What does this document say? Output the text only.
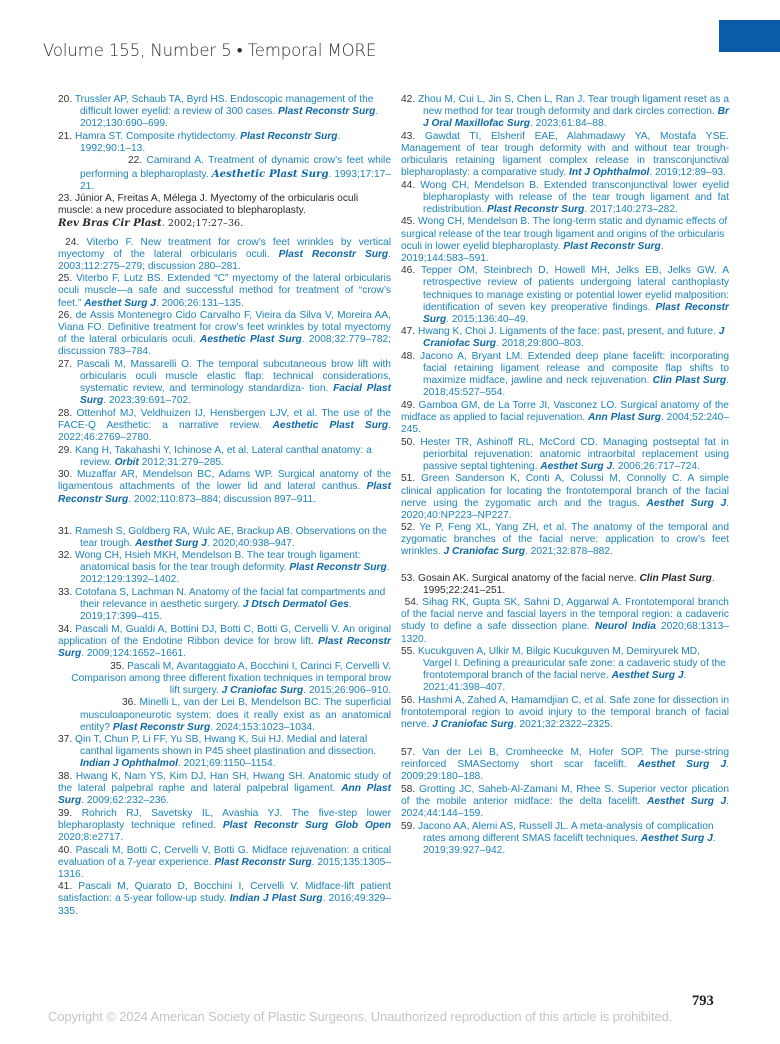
Volume 155, Number 5 • Temporal MORE

20. Trussler AP, Schaub TA, Byrd HS. Endoscopic management of the difficult lower eyelid: a review of 300 cases. Plast Reconstr Surg. 2012;130:690–699.

21. Hamra ST. Composite rhytidectomy. Plast Reconstr Surg. 1992;90:1–13.

22. Camirand A. Treatment of dynamic crow’s feet while performing a blepharoplasty. Aesthetic Plast Surg. 1993;17:17–21.

23. Júnior A, Freitas A, Mélega J. Myectomy of the orbicularis oculi muscle: a new procedure associated to blepharoplasty.
Rev Bras Cir Plast. 2002;17:27–36.

24. Viterbo F. New treatment for crow’s feet wrinkles by vertical myectomy of the lateral orbicularis oculi. Plast Reconstr Surg. 2003;112:275–279; discussion 280–281.

25. Viterbo F, Lutz BS. Extended “C” myectomy of the lateral orbicularis oculi muscle—a safe and successful method for treatment of “crow’s feet.” Aesthet Surg J. 2006;26:131–135.

26. de Assis Montenegro Cido Carvalho F, Vieira da Silva V, Moreira AA, Viana FO. Definitive treatment for crow’s feet wrinkles by total myectomy of the lateral orbicularis oculi. Aesthetic Plast Surg. 2008;32:779–782; discussion 783–784.

27. Pascali M, Massarelli O. The temporal subcutaneous brow lift with orbicularis oculi muscle elastic flap: technical considerations, systematic review, and terminology standardiza- tion. Facial Plast Surg. 2023;39:691–702.

28. Ottenhof MJ, Veldhuizen IJ, Hensbergen LJV, et al. The use of the FACE-Q Aesthetic: a narrative review. Aesthetic Plast Surg. 2022;46:2769–2780.

29. Kang H, Takahashi Y, Ichinose A, et al. Lateral canthal anatomy: a review. Orbit 2012;31:279–285.

30. Muzaffar AR, Mendelson BC, Adams WP. Surgical anatomy of the ligamentous attachments of the lower lid and lateral canthus. Plast Reconstr Surg. 2002;110:873–884; discussion 897–911.

31. Ramesh S, Goldberg RA, Wulc AE, Brackup AB. Observations on the tear trough. Aesthet Surg J. 2020;40:938–947.

32. Wong CH, Hsieh MKH, Mendelson B. The tear trough ligament: anatomical basis for the tear trough deformity. Plast Reconstr Surg. 2012;129:1392–1402.

33. Cotofana S, Lachman N. Anatomy of the facial fat compartments and their relevance in aesthetic surgery. J Dtsch Dermatol Ges. 2019;17:399–415.

34. Pascali M, Gualdi A, Bottini DJ, Botti C, Botti G, Cervelli V. An original application of the Endotine Ribbon device for brow lift. Plast Reconstr Surg. 2009;124:1652–1661.

35. Pascali M, Avantaggiato A, Bocchini I, Carinci F, Cervelli V. Comparison among three different fixation techniques in temporal brow lift surgery. J Craniofac Surg. 2015;26:906–910.

36. Minelli L, van der Lei B, Mendelson BC. The superficial musculoaponeurotic system: does it really exist as an anatomical entity? Plast Reconstr Surg. 2024;153:1023–1034.

37. Qin T, Chun P, Li FF, Yu SB, Hwang K, Sui HJ. Medial and lateral canthal ligaments shown in P45 sheet plastination and dissection. Indian J Ophthalmol. 2021;69:1150–1154.

38. Hwang K, Nam YS, Kim DJ, Han SH, Hwang SH. Anatomic study of the lateral palpebral raphe and lateral palpebral ligament. Ann Plast Surg. 2009;62:232–236.

39. Rohrich RJ, Savetsky IL, Avashia YJ. The five-step lower blepharoplasty technique refined. Plast Reconstr Surg Glob Open 2020;8:e2717.

40. Pascali M, Botti C, Cervelli V, Botti G. Midface rejuvenation: a critical evaluation of a 7-year experience. Plast Reconstr Surg. 2015;135:1305–1316.

41. Pascali M, Quarato D, Bocchini I, Cervelli V. Midface-lift patient satisfaction: a 5-year follow-up study. Indian J Plast Surg. 2016;49:329–335.

42. Zhou M, Cui L, Jin S, Chen L, Ran J. Tear trough ligament reset as a new method for tear trough deformity and dark circles correction. Br J Oral Maxillofac Surg. 2023;61:84–88.

43. Gawdat TI, Elsherif EAE, Alahmadawy YA, Mostafa YSE. Management of tear trough deformity with and without tear trough-orbicularis retaining ligament complex release in transconjunctival blepharoplasty: a comparative study. Int J Ophthalmol. 2019;12:89–93.

44. Wong CH, Mendelson B. Extended transconjunctival lower eyelid blepharoplasty with release of the tear trough ligament and fat redistribution. Plast Reconstr Surg. 2017;140:273–282.

45. Wong CH, Mendelson B. The long-term static and dynamic effects of surgical release of the tear trough ligament and origins of the orbicularis oculi in lower eyelid blepharoplasty. Plast Reconstr Surg. 2019;144:583–591.

46. Tepper OM, Steinbrech D, Howell MH, Jelks EB, Jelks GW. A retrospective review of patients undergoing lateral canthoplasty techniques to manage existing or potential lower eyelid malposition: identification of seven key preoperative findings. Plast Reconstr Surg. 2015;136:40–49.

47. Hwang K, Choi J. Ligaments of the face: past, present, and future. J Craniofac Surg. 2018;29:800–803.

48. Jacono A, Bryant LM. Extended deep plane facelift: incorporating facial retaining ligament release and composite flap shifts to maximize midface, jawline and neck rejuvenation. Clin Plast Surg. 2018;45:527–554.

49. Gamboa GM, de La Torre JI, Vasconez LO. Surgical anatomy of the midface as applied to facial rejuvenation. Ann Plast Surg. 2004;52:240–245.

50. Hester TR, Ashinoff RL, McCord CD. Managing postseptal fat in periorbital rejuvenation: anatomic intraorbital replacement using passive septal tightening. Aesthet Surg J. 2006;26:717–724.

51. Green Sanderson K, Conti A, Colussi M, Connolly C. A simple clinical application for locating the frontotemporal branch of the facial nerve using the zygomatic arch and the tragus. Aesthet Surg J. 2020;40:NP223–NP227.

52. Ye P, Feng XL, Yang ZH, et al. The anatomy of the temporal and zygomatic branches of the facial nerve: application to crow’s feet wrinkles. J Craniofac Surg. 2021;32:878–882.

53. Gosain AK. Surgical anatomy of the facial nerve. Clin Plast Surg. 1995;22:241–251.

54. Sihag RK, Gupta SK, Sahni D, Aggarwal A. Frontotemporal branch of the facial nerve and fascial layers in the temporal region: a cadaveric study to define a safe dissection plane. Neurol India 2020;68:1313–1320.

55. Kucukguven A, Ulkir M, Bilgic Kucukguven M, Demiryurek MD, Vargel I. Defining a preauricular safe zone: a cadaveric study of the frontotemporal branch of the facial nerve. Aesthet Surg J. 2021;41:398–407.

56. Hashmi A, Zahed A, Hamamdjian C, et al. Safe zone for dissection in frontotemporal region to avoid injury to the temporal branch of facial nerve. J Craniofac Surg. 2021;32:2322–2325.

57. Van der Lei B, Cromheecke M, Hofer SOP. The purse-string reinforced SMASectomy short scar facelift. Aesthet Surg J. 2009;29:180–188.

58. Grotting JC, Saheb-Al-Zamani M, Rhee S. Superior vector plication of the mobile anterior midface: the delta facelift. Aesthet Surg J. 2024;44:144–159.

59. Jacono AA, Alemi AS, Russell JL. A meta-analysis of complication rates among different SMAS facelift techniques. Aesthet Surg J. 2019;39:927–942.

793
Copyright © 2024 American Society of Plastic Surgeons. Unauthorized reproduction of this article is prohibited.
